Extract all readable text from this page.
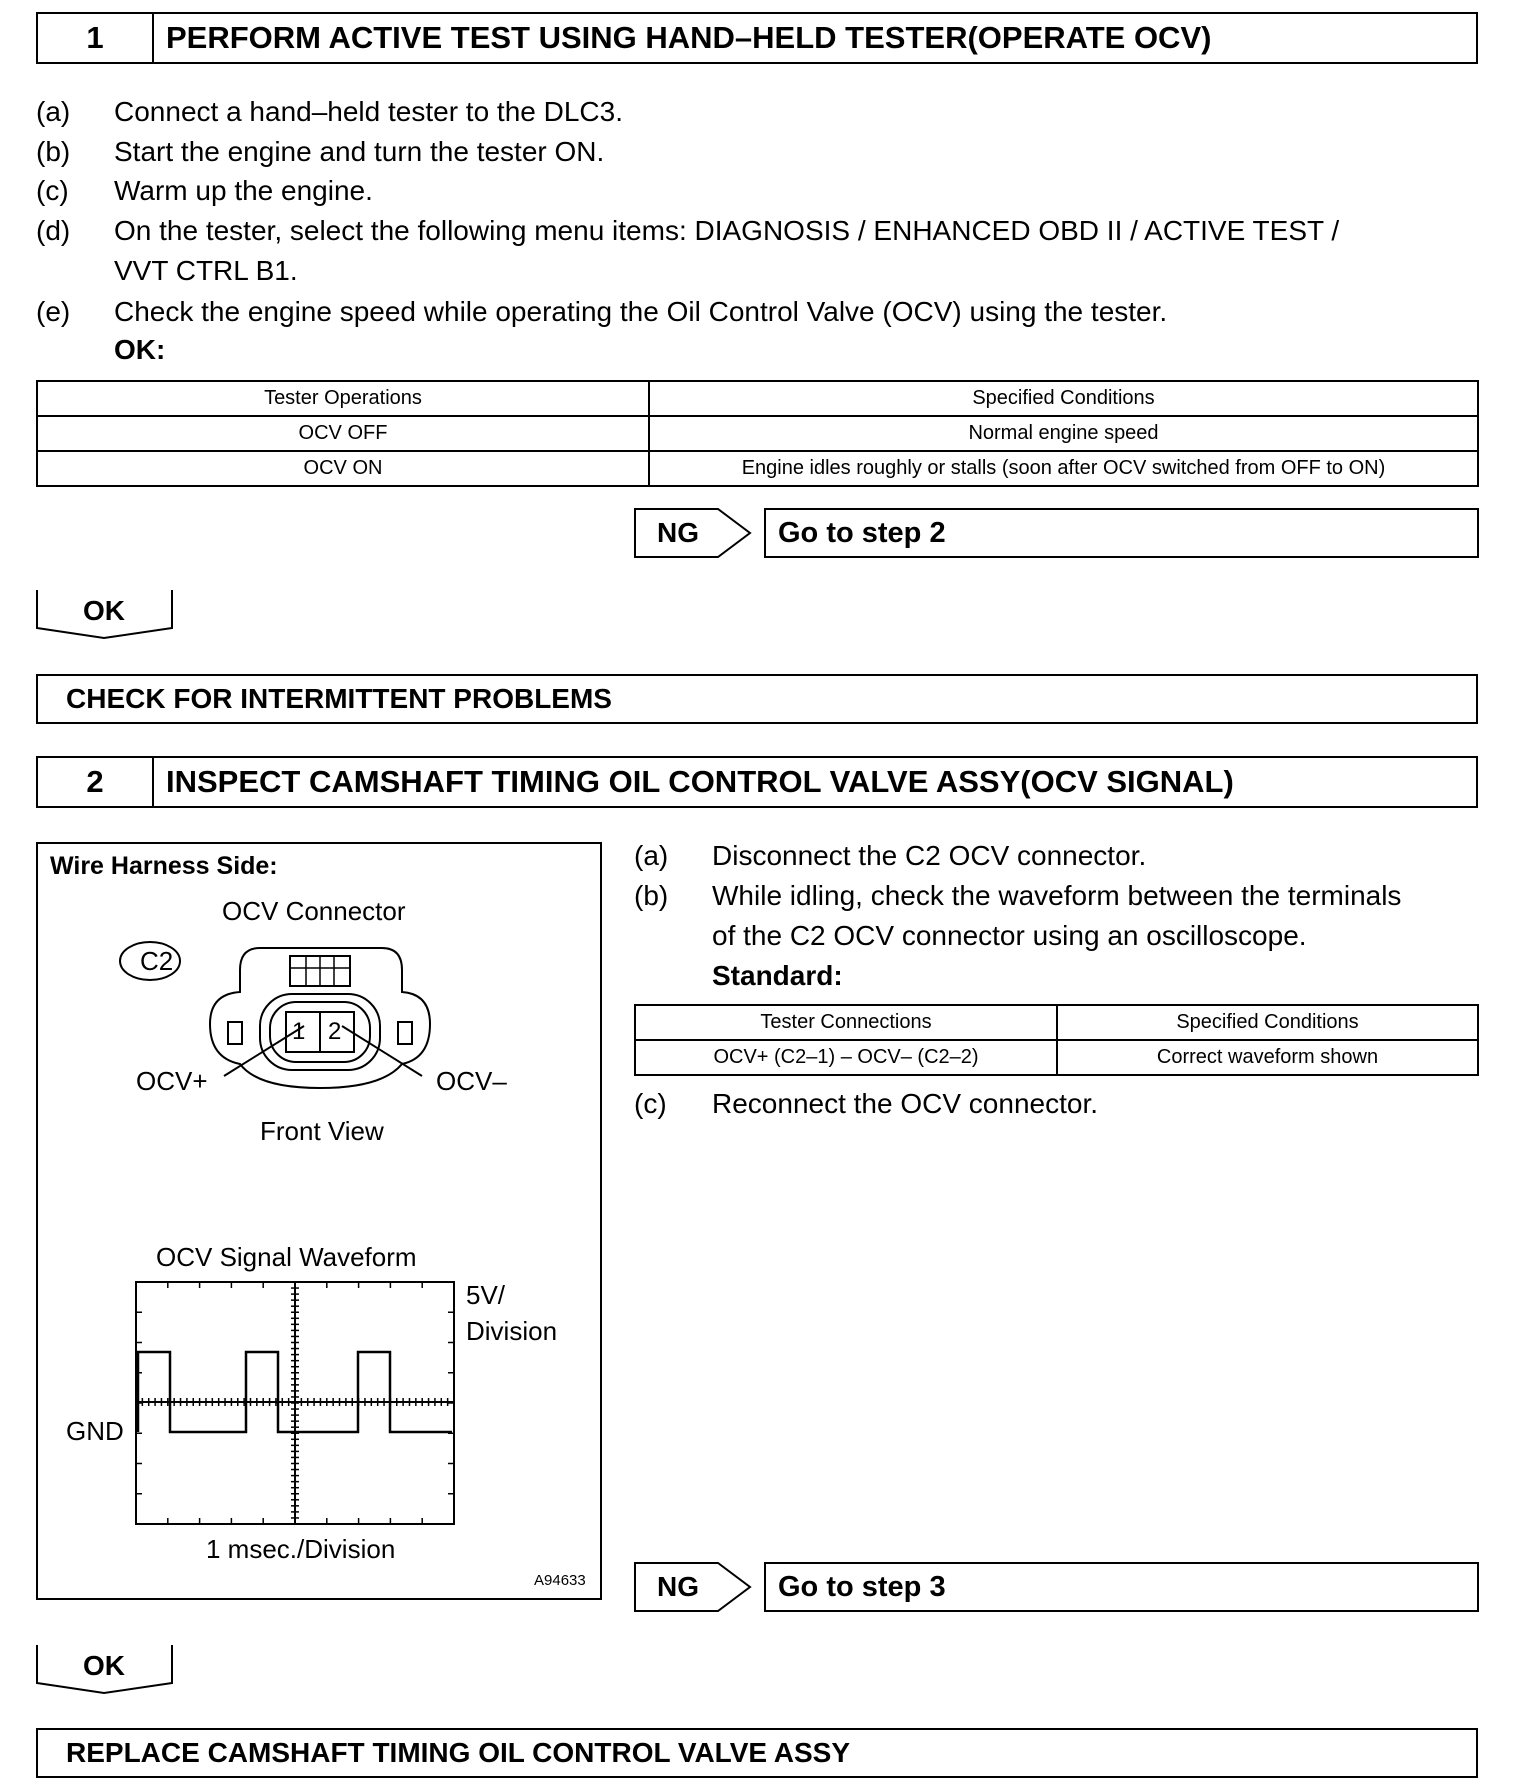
1	PERFORM ACTIVE TEST USING HAND–HELD TESTER(OPERATE OCV)
(a) Connect a hand–held tester to the DLC3.
(b) Start the engine and turn the tester ON.
(c) Warm up the engine.
(d) On the tester, select the following menu items: DIAGNOSIS / ENHANCED OBD II / ACTIVE TEST /
VVT CTRL B1.
(e) Check the engine speed while operating the Oil Control Valve (OCV) using the tester.
OK:
Tester Operations	Specified Conditions
OCV OFF	Normal engine speed
OCV ON	Engine idles roughly or stalls (soon after OCV switched from OFF to ON)
NG	Go to step 2
OK
CHECK FOR INTERMITTENT PROBLEMS
2	INSPECT CAMSHAFT TIMING OIL CONTROL VALVE ASSY(OCV SIGNAL)
Wire Harness Side:
OCV Connector
C2
1 2
OCV+	OCV–
Front View
OCV Signal Waveform
5V/
Division
GND
1 msec./Division
A94633
(a) Disconnect the C2 OCV connector.
(b) While idling, check the waveform between the terminals
of the C2 OCV connector using an oscilloscope.
Standard:
Tester Connections	Specified Conditions
OCV+ (C2–1) – OCV– (C2–2)	Correct waveform shown
(c) Reconnect the OCV connector.
NG	Go to step 3
OK
REPLACE CAMSHAFT TIMING OIL CONTROL VALVE ASSY
